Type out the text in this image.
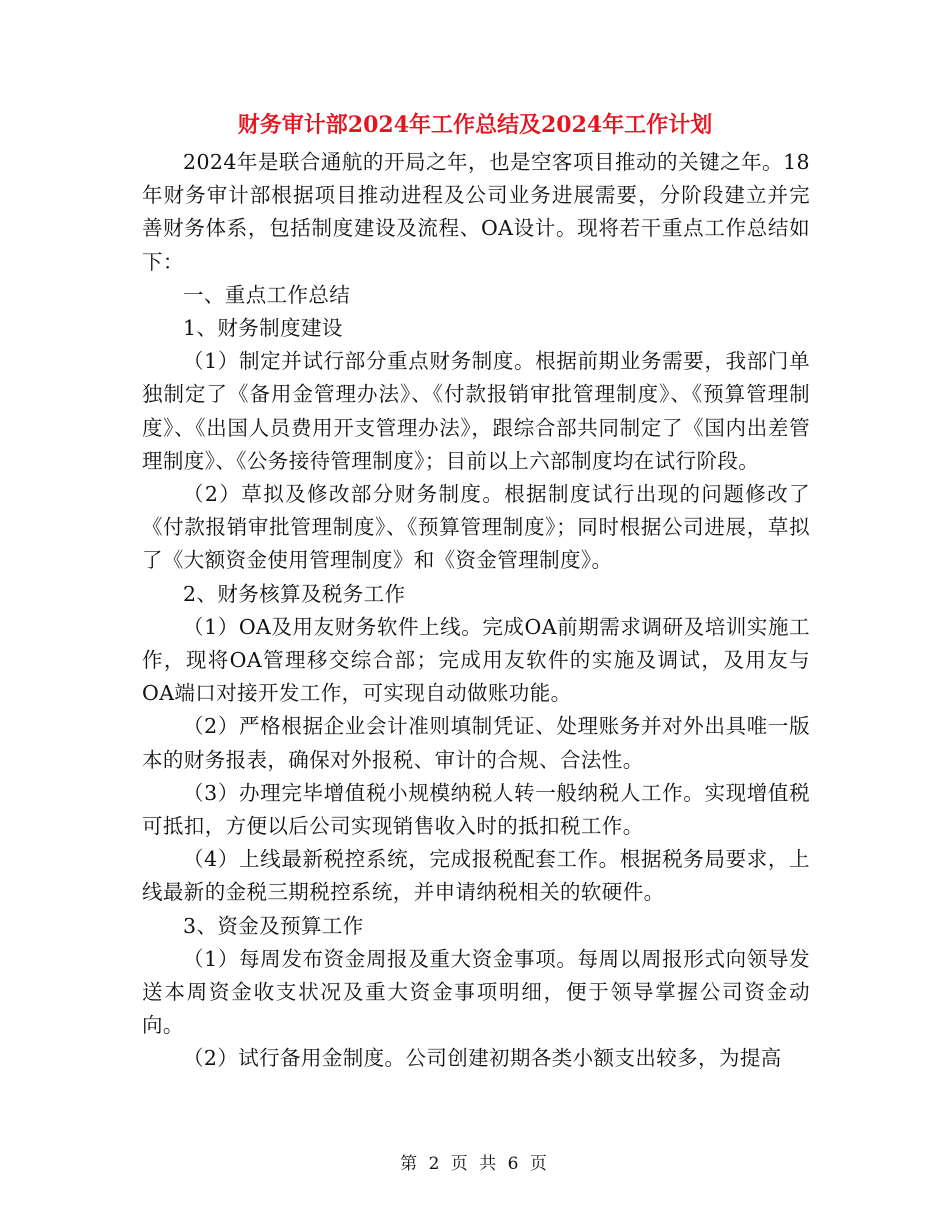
财务审计部2024年工作总结及2024年工作计划

2024年是联合通航的开局之年，也是空客项目推动的关键之年。18年财务审计部根据项目推动进程及公司业务进展需要，分阶段建立并完善财务体系，包括制度建设及流程、OA设计。现将若干重点工作总结如下：

一、重点工作总结

1、财务制度建设

（1）制定并试行部分重点财务制度。根据前期业务需要，我部门单独制定了《备用金管理办法》、《付款报销审批管理制度》、《预算管理制度》、《出国人员费用开支管理办法》，跟综合部共同制定了《国内出差管理制度》、《公务接待管理制度》；目前以上六部制度均在试行阶段。

（2）草拟及修改部分财务制度。根据制度试行出现的问题修改了《付款报销审批管理制度》、《预算管理制度》；同时根据公司进展，草拟了《大额资金使用管理制度》和《资金管理制度》。

2、财务核算及税务工作

（1）OA及用友财务软件上线。完成OA前期需求调研及培训实施工作，现将OA管理移交综合部；完成用友软件的实施及调试，及用友与OA端口对接开发工作，可实现自动做账功能。

（2）严格根据企业会计准则填制凭证、处理账务并对外出具唯一版本的财务报表，确保对外报税、审计的合规、合法性。

（3）办理完毕增值税小规模纳税人转一般纳税人工作。实现增值税可抵扣，方便以后公司实现销售收入时的抵扣税工作。

（4）上线最新税控系统，完成报税配套工作。根据税务局要求，上线最新的金税三期税控系统，并申请纳税相关的软硬件。

3、资金及预算工作

（1）每周发布资金周报及重大资金事项。每周以周报形式向领导发送本周资金收支状况及重大资金事项明细，便于领导掌握公司资金动向。

（2）试行备用金制度。公司创建初期各类小额支出较多，为提高

第 2 页 共 6 页
